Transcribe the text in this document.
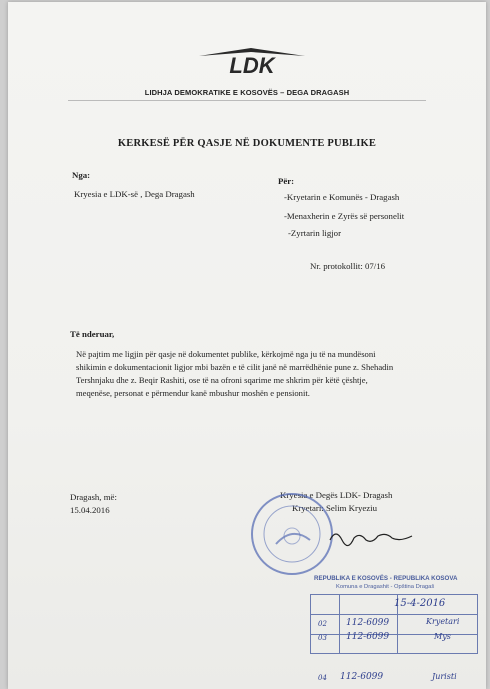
LDK
LIDHJA DEMOKRATIKE E KOSOVËS – DEGA DRAGASH
KERKESË PËR QASJE NË DOKUMENTE PUBLIKE
Nga:
Kryesia e LDK-së , Dega Dragash
Për:
-Kryetarin e Komunës - Dragash
-Menaxherin e Zyrës së personelit
-Zyrtarin ligjor
Nr. protokollit: 07/16
Të nderuar,
Në pajtim me ligjin për qasje në dokumentet publike, kërkojmë nga ju të na mundësoni
shikimin e dokumentacionit ligjor mbi bazën e të cilit janë në marrëdhënie pune z. Shehadin
Tershnjaku dhe z. Beqir Rashiti, ose të na ofroni sqarime me shkrim për këtë çështje,
meqenëse, personat e përmendur kanë mbushur moshën e pensionit.
Dragash, më:
15.04.2016
Kryesia e Degës LDK- Dragash
Kryetari: Selim Kryeziu
REPUBLIKA E KOSOVËS - REPUBLIKA KOSOVA
Komuna e Dragashit - Opština Dragaš
15-4-2016
02 112-6099	Kryetari
03 112-6099	Mys
04 112-6099	Juristi
